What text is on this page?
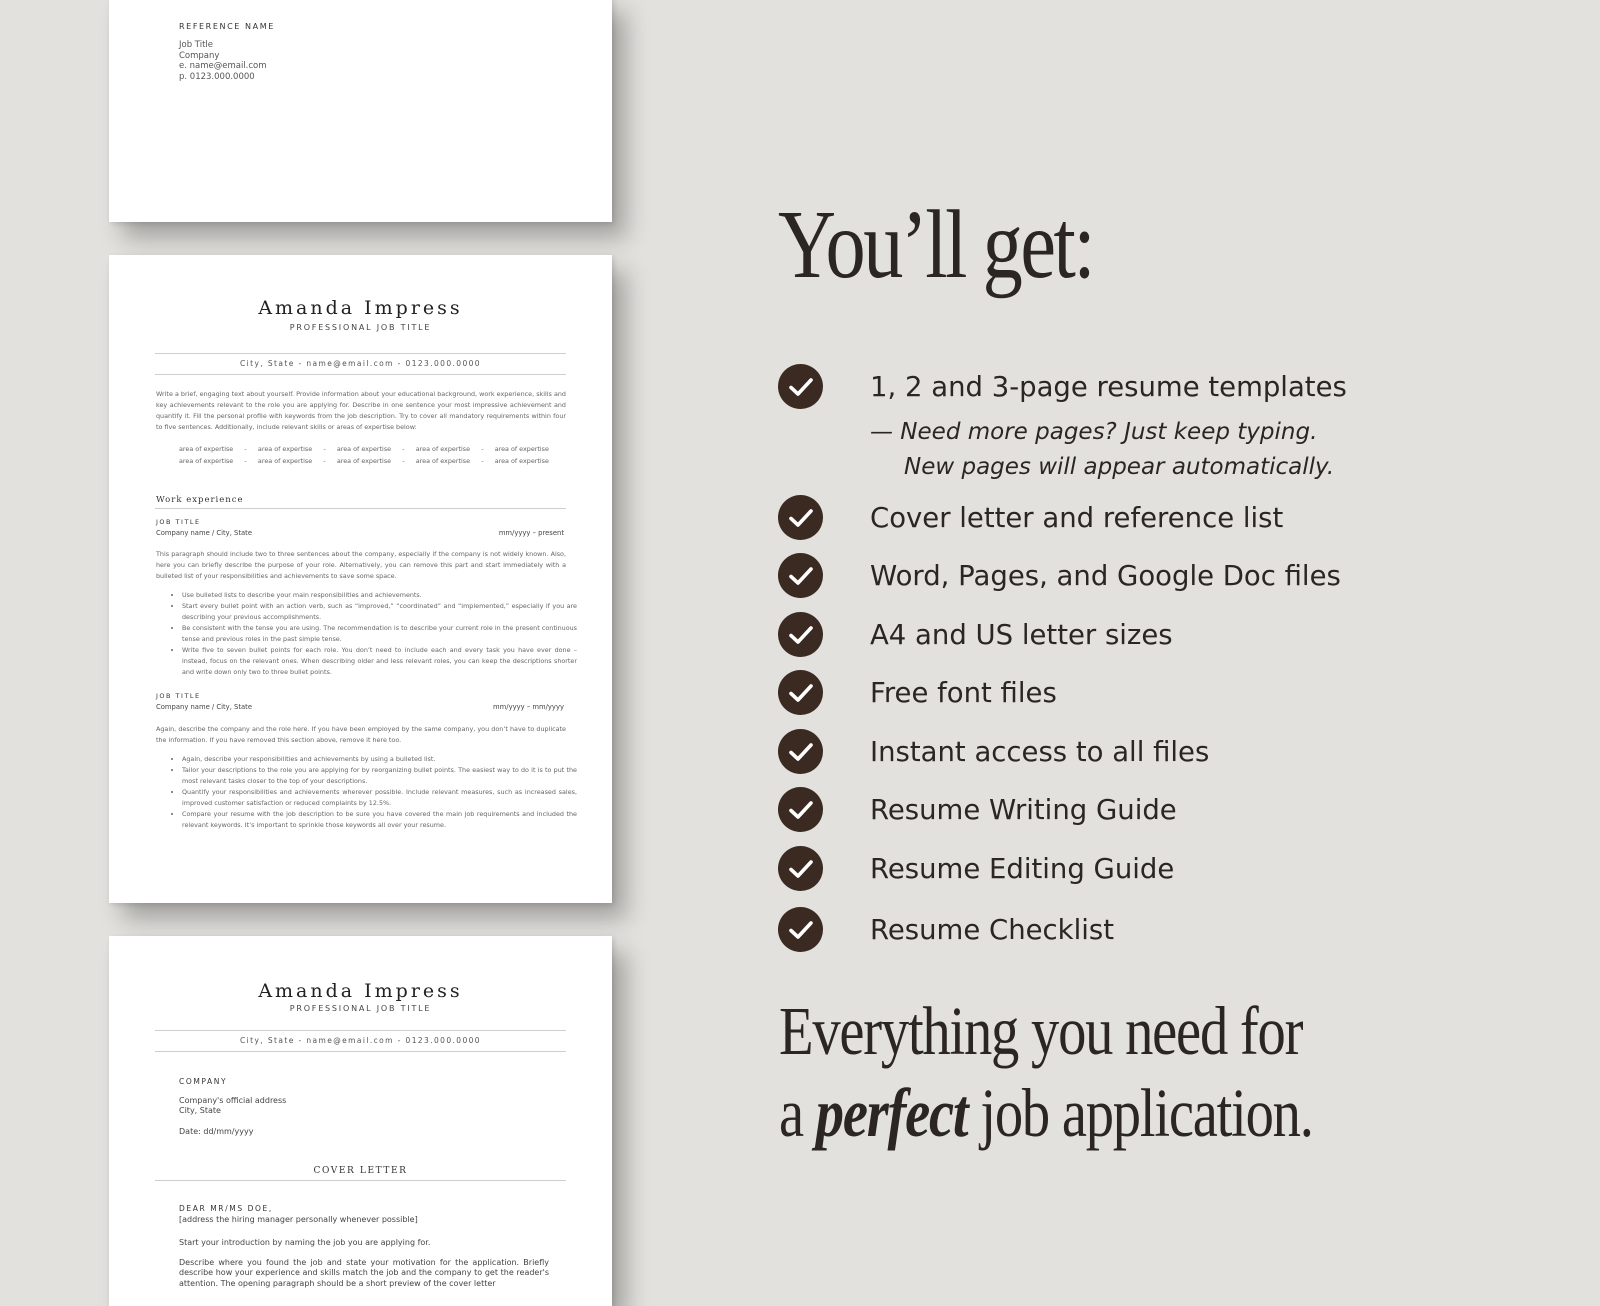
REFERENCE NAME
Job Title
Company
e. name@email.com
p. 0123.000.0000
Amanda Impress
PROFESSIONAL JOB TITLE
City, State - name@email.com - 0123.000.0000
Write a brief, engaging text about yourself. Provide information about your educational background, work experience, skills and key achievements relevant to the role you are applying for. Describe in one sentence your most impressive achievement and quantify it. Fill the personal profile with keywords from the job description. Try to cover all mandatory requirements within four to five sentences. Additionally, include relevant skills or areas of expertise below:
area of expertise - area of expertise - area of expertise - area of expertise - area of expertise
area of expertise - area of expertise - area of expertise - area of expertise - area of expertise
Work experience
JOB TITLE
Company name / City, State	mm/yyyy – present
This paragraph should include two to three sentences about the company, especially if the company is not widely known. Also, here you can briefly describe the purpose of your role. Alternatively, you can remove this part and start immediately with a bulleted list of your responsibilities and achievements to save some space.
• Use bulleted lists to describe your main responsibilities and achievements.
• Start every bullet point with an action verb, such as “improved,” “coordinated” and “implemented,” especially if you are describing your previous accomplishments.
• Be consistent with the tense you are using. The recommendation is to describe your current role in the present continuous tense and previous roles in the past simple tense.
• Write five to seven bullet points for each role. You don’t need to include each and every task you have ever done – instead, focus on the relevant ones. When describing older and less relevant roles, you can keep the descriptions shorter and write down only two to three bullet points.
JOB TITLE
Company name / City, State	mm/yyyy – mm/yyyy
Again, describe the company and the role here. If you have been employed by the same company, you don’t have to duplicate the information. If you have removed this section above, remove it here too.
• Again, describe your responsibilities and achievements by using a bulleted list.
• Tailor your descriptions to the role you are applying for by reorganizing bullet points. The easiest way to do it is to put the most relevant tasks closer to the top of your descriptions.
• Quantify your responsibilities and achievements wherever possible. Include relevant measures, such as increased sales, improved customer satisfaction or reduced complaints by 12.5%.
• Compare your resume with the job description to be sure you have covered the main job requirements and included the relevant keywords. It’s important to sprinkle those keywords all over your resume.
Amanda Impress
PROFESSIONAL JOB TITLE
City, State - name@email.com - 0123.000.0000
COMPANY
Company's official address
City, State
Date: dd/mm/yyyy
COVER LETTER
DEAR MR/MS DOE,
[address the hiring manager personally whenever possible]
Start your introduction by naming the job you are applying for.
Describe where you found the job and state your motivation for the application. Briefly describe how your experience and skills match the job and the company to get the reader's attention. The opening paragraph should be a short preview of the cover letter
You’ll get:
1, 2 and 3-page resume templates
— Need more pages? Just keep typing.
New pages will appear automatically.
Cover letter and reference list
Word, Pages, and Google Doc files
A4 and US letter sizes
Free font files
Instant access to all files
Resume Writing Guide
Resume Editing Guide
Resume Checklist
Everything you need for
a perfect job application.
